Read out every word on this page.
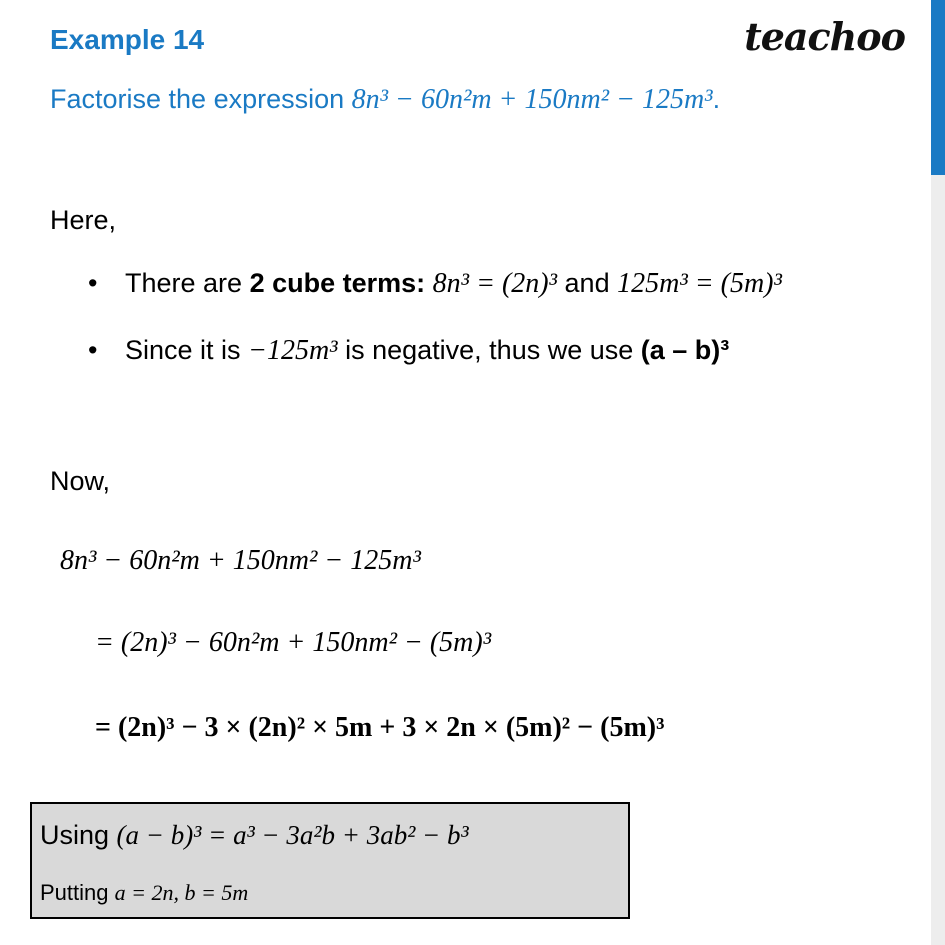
Example 14	teachoo
Factorise the expression 8n³ − 60n²m + 150nm² − 125m³.
Here,
• There are 2 cube terms: 8n³ = (2n)³ and 125m³ = (5m)³
• Since it is −125m³ is negative, thus we use (a – b)³
Now,
8n³ − 60n²m + 150nm² − 125m³
= (2n)³ − 60n²m + 150nm² − (5m)³
= (2n)³ − 3 × (2n)² × 5m + 3 × 2n × (5m)² − (5m)³
Using (a − b)³ = a³ − 3a²b + 3ab² − b³
Putting a = 2n, b = 5m
